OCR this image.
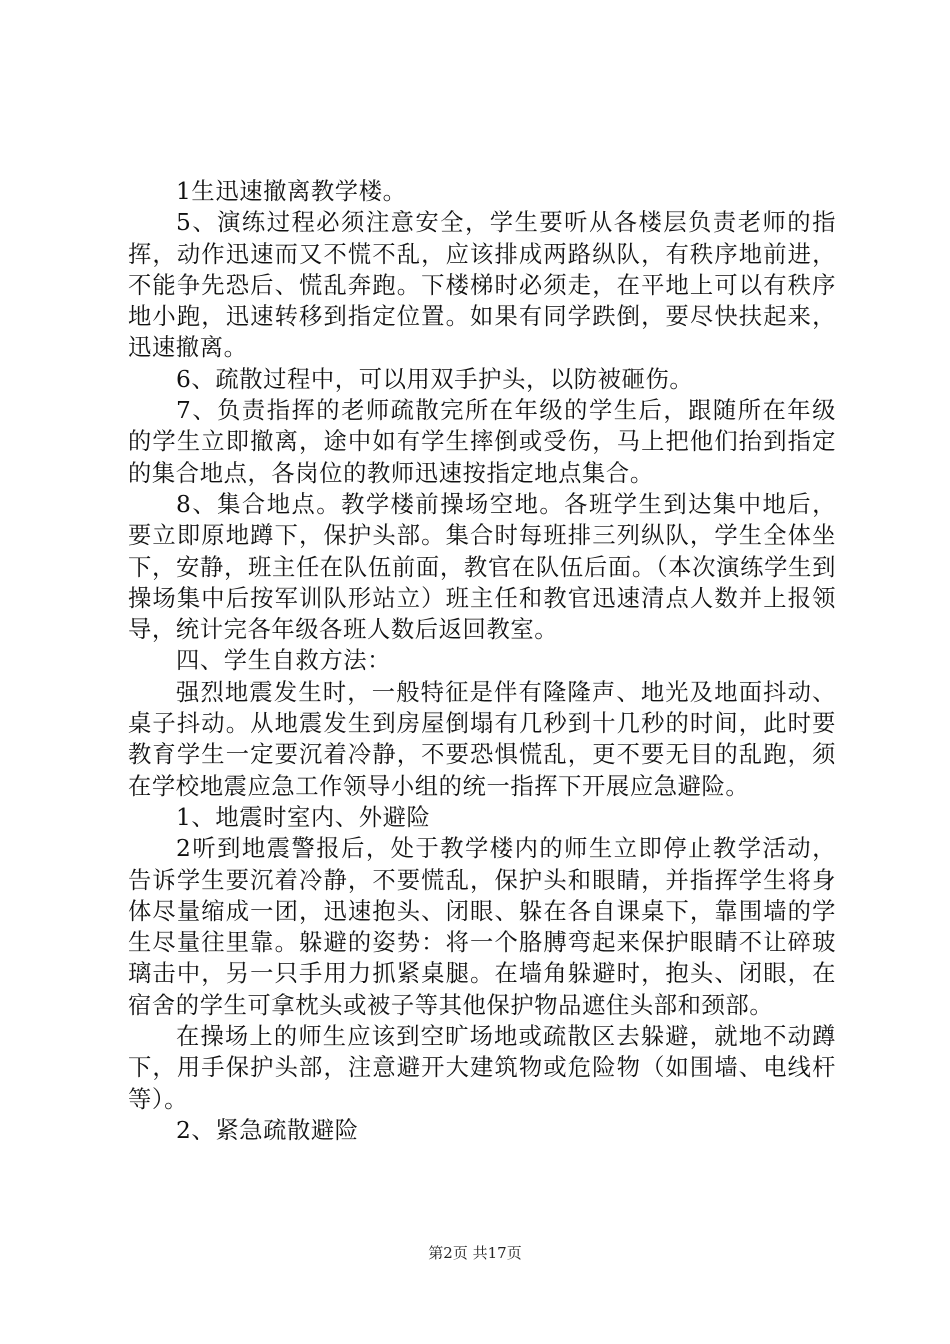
1生迅速撤离教学楼。

5、演练过程必须注意安全，学生要听从各楼层负责老师的指挥，动作迅速而又不慌不乱，应该排成两路纵队，有秩序地前进，不能争先恐后、慌乱奔跑。下楼梯时必须走，在平地上可以有秩序地小跑，迅速转移到指定位置。如果有同学跌倒，要尽快扶起来，迅速撤离。

6、疏散过程中，可以用双手护头，以防被砸伤。

7、负责指挥的老师疏散完所在年级的学生后，跟随所在年级的学生立即撤离，途中如有学生摔倒或受伤，马上把他们抬到指定的集合地点，各岗位的教师迅速按指定地点集合。

8、集合地点。教学楼前操场空地。各班学生到达集中地后，要立即原地蹲下，保护头部。集合时每班排三列纵队，学生全体坐下，安静，班主任在队伍前面，教官在队伍后面。（本次演练学生到操场集中后按军训队形站立）班主任和教官迅速清点人数并上报领导，统计完各年级各班人数后返回教室。

四、学生自救方法：

强烈地震发生时，一般特征是伴有隆隆声、地光及地面抖动、桌子抖动。从地震发生到房屋倒塌有几秒到十几秒的时间，此时要教育学生一定要沉着冷静，不要恐惧慌乱，更不要无目的乱跑，须在学校地震应急工作领导小组的统一指挥下开展应急避险。

1、地震时室内、外避险

2听到地震警报后，处于教学楼内的师生立即停止教学活动，告诉学生要沉着冷静，不要慌乱，保护头和眼睛，并指挥学生将身体尽量缩成一团，迅速抱头、闭眼、躲在各自课桌下，靠围墙的学生尽量往里靠。躲避的姿势：将一个胳膊弯起来保护眼睛不让碎玻璃击中，另一只手用力抓紧桌腿。在墙角躲避时，抱头、闭眼，在宿舍的学生可拿枕头或被子等其他保护物品遮住头部和颈部。

在操场上的师生应该到空旷场地或疏散区去躲避，就地不动蹲下，用手保护头部，注意避开大建筑物或危险物（如围墙、电线杆等）。

2、紧急疏散避险

第2页 共17页
